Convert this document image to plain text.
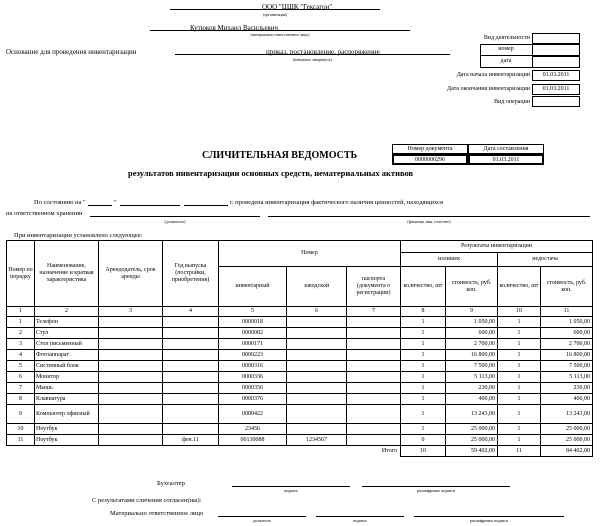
ООО "ЦШК "Гексагон"
(организация)
Кутюков Михаил Васильевич
(материально ответственное лицо)
Основание для проведения инвентаризации	приказ, постановление, распоряжение
(ненужное зачеркнуть)
Вид деятельности
номер
дата
Дата начала инвентаризации	01.03.2011
Дата окончания инвентаризации	01.03.2011
Вид операции
Номер документа	Дата составления
0000000296	01.03.2011
СЛИЧИТЕЛЬНАЯ ВЕДОМОСТЬ
результатов инвентаризации основных средств, нематериальных активов
По состоянию на "	"	г. проведена инвентаризация фактического наличия ценностей, находящихся
на ответственном хранении
(должность)	(фамилия, имя, отчество)
При инвентаризации установлено следующее:
Номер по порядку	Наименование, назначение и краткая характеристика	Арендодатель, срок аренды	Год выпуска (постройки, приобретения)	Номер			Результаты инвентаризации			
							излишек		недостача	
				инвентарный	заводской	паспорта (документа о регистрации)	количество, шт	стоимость, руб. коп.	количество, шт	стоимость, руб. коп.
1	2	3	4	5	6	7	8	9	10	11
1	Телефон			0000018			1	1 050,00	1	1 050,00
2	Стул			0000082			1	600,00	1	600,00
3	Стол письменный			0000171			1	2 700,00	1	2 700,00
4	Фотоаппарат			0000223			1	16 800,00	1	16 800,00
5	Системный блок			0000316			1	7 500,00	1	7 500,00
6	Монитор			0000336			1	5 113,00	1	5 113,00
7	Мышь			0000356			1	230,00	1	230,00
8	Клавиатура			0000376			1	400,00	1	400,00
9	Компьютер офисный			0000422			1	13 243,00	1	13 243,00
10	Ноутбук			23456			1	25 000,00	1	25 000,00
11	Ноутбук		фев.11	00130088	1234567		0	25 000,00	1	25 000,00
Итого							10	59 402,00	11	84 402,00
Бухгалтер
подпись	расшифровка подписи
С результатами сличения согласен(ны):
Материально ответственное лицо
должность	подпись	расшифровка подписи
